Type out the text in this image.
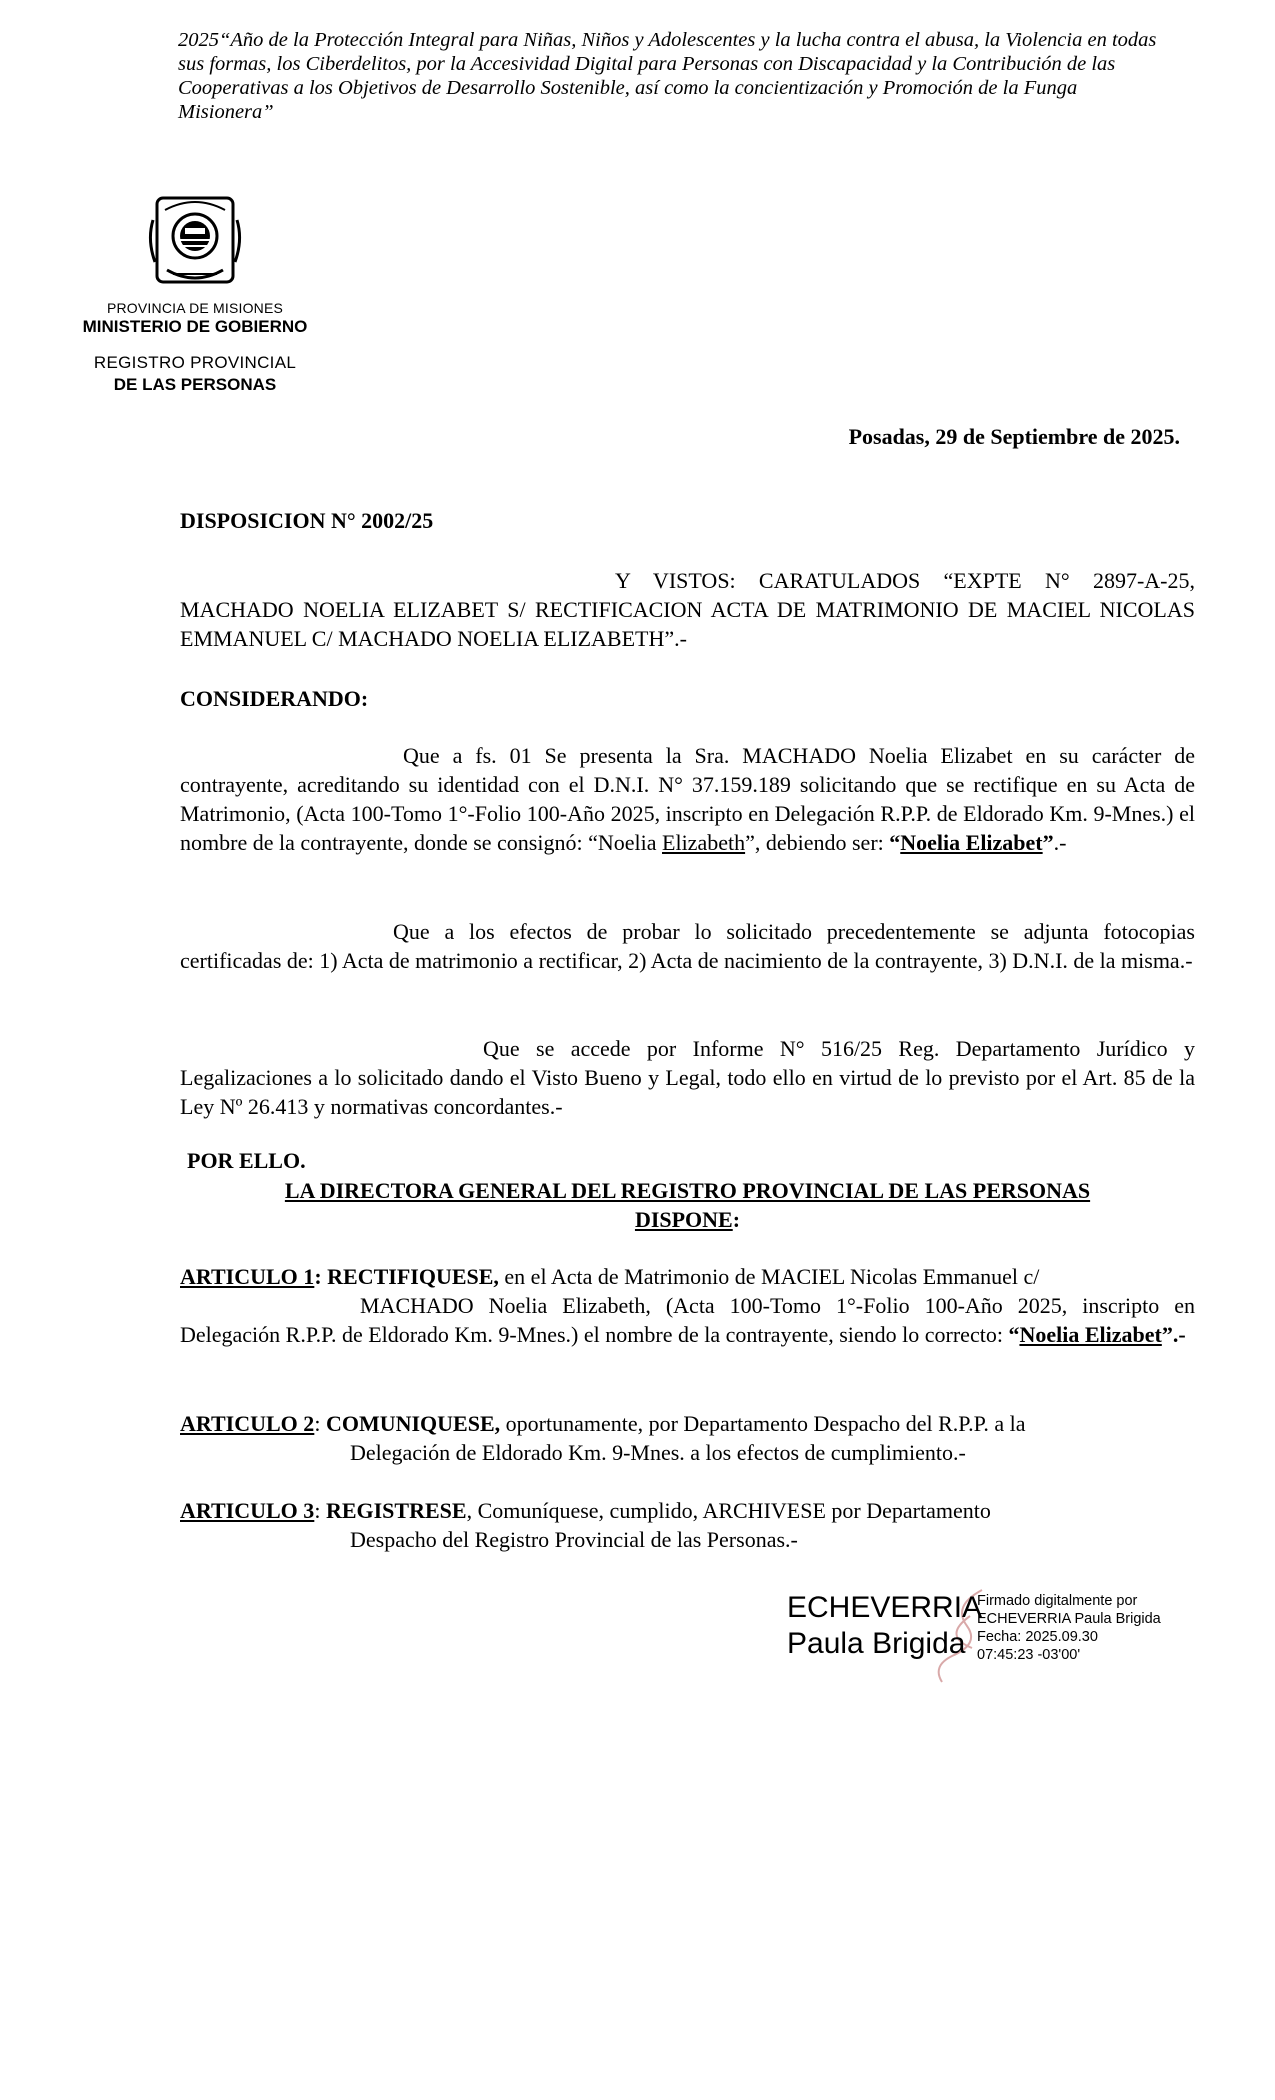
2025“Año de la Protección Integral para Niñas, Niños y Adolescentes y la lucha contra el abusa, la Violencia en todas sus formas, los Ciberdelitos, por la Accesividad Digital para Personas con Discapacidad y la Contribución de las Cooperativas a los Objetivos de Desarrollo Sostenible, así como la concientización y Promoción de la Funga Misionera”
PROVINCIA DE MISIONES
MINISTERIO DE GOBIERNO
REGISTRO PROVINCIAL
DE LAS PERSONAS
Posadas, 29 de Septiembre de 2025.
DISPOSICION N° 2002/25
Y VISTOS: CARATULADOS “EXPTE N° 2897-A-25, MACHADO NOELIA ELIZABET S/ RECTIFICACION ACTA DE MATRIMONIO DE MACIEL NICOLAS EMMANUEL C/ MACHADO NOELIA ELIZABETH”.-
CONSIDERANDO:
Que a fs. 01 Se presenta la Sra. MACHADO Noelia Elizabet en su carácter de contrayente, acreditando su identidad con el D.N.I. N° 37.159.189 solicitando que se rectifique en su Acta de Matrimonio, (Acta 100-Tomo 1°-Folio 100-Año 2025, inscripto en Delegación R.P.P. de Eldorado Km. 9-Mnes.) el nombre de la contrayente, donde se consignó: “Noelia Elizabeth”, debiendo ser: “Noelia Elizabet”.-
Que a los efectos de probar lo solicitado precedentemente se adjunta fotocopias certificadas de: 1) Acta de matrimonio a rectificar, 2) Acta de nacimiento de la contrayente, 3) D.N.I. de la misma.-
Que se accede por Informe N° 516/25 Reg. Departamento Jurídico y Legalizaciones a lo solicitado dando el Visto Bueno y Legal, todo ello en virtud de lo previsto por el Art. 85 de la Ley Nº 26.413 y normativas concordantes.-
POR ELLO.
LA DIRECTORA GENERAL DEL REGISTRO PROVINCIAL DE LAS PERSONAS
DISPONE:
ARTICULO 1: RECTIFIQUESE, en el Acta de Matrimonio de MACIEL Nicolas Emmanuel c/
MACHADO Noelia Elizabeth, (Acta 100-Tomo 1°-Folio 100-Año 2025, inscripto en Delegación R.P.P. de Eldorado Km. 9-Mnes.) el nombre de la contrayente, siendo lo correcto: “Noelia Elizabet”.-
ARTICULO 2: COMUNIQUESE, oportunamente, por Departamento Despacho del R.P.P. a la
Delegación de Eldorado Km. 9-Mnes. a los efectos de cumplimiento.-
ARTICULO 3: REGISTRESE, Comuníquese, cumplido, ARCHIVESE por Departamento
Despacho del Registro Provincial de las Personas.-
ECHEVERRIA
Paula Brigida
Firmado digitalmente por
ECHEVERRIA Paula Brigida
Fecha: 2025.09.30
07:45:23 -03'00'
